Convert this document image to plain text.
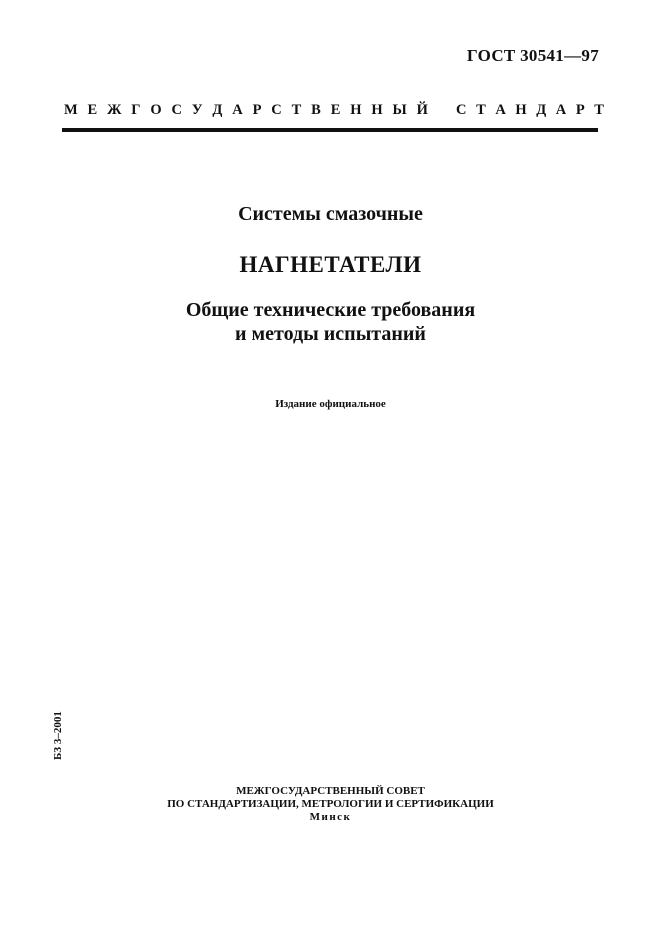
ГОСТ 30541—97
М Е Ж Г О С У Д А Р С Т В Е Н Н Ы Й С Т А Н Д А Р Т
Системы смазочные
НАГНЕТАТЕЛИ
Общие технические требования
и методы испытаний
Издание официальное
БЗ 3–2001
МЕЖГОСУДАРСТВЕННЫЙ СОВЕТ
ПО СТАНДАРТИЗАЦИИ, МЕТРОЛОГИИ И СЕРТИФИКАЦИИ
Минск
